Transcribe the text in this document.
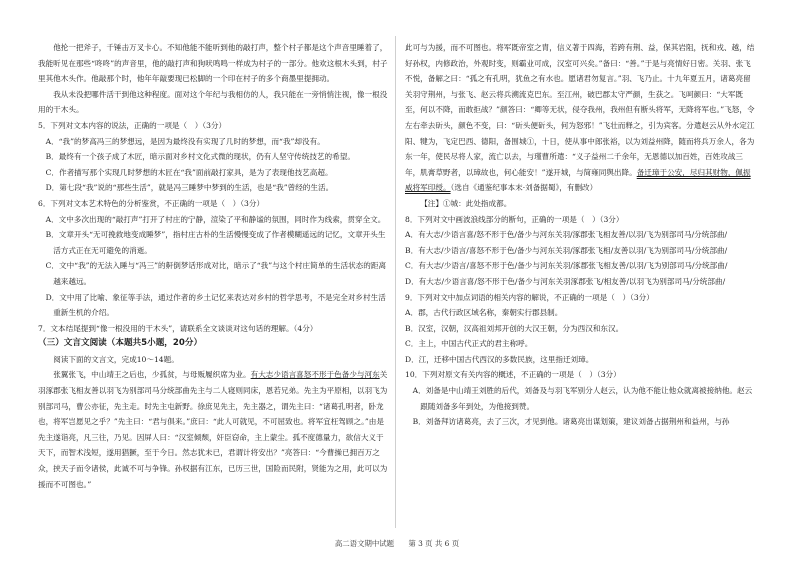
他抡一把斧子，千锤击万叉卡心。不知他能不能听到他的敲打声，整个村子都是这个声音里睡着了，我能听见在那些“咚咚”的声音里，他的敲打声和狗吠鸣鸣一样成为村子的一部分。他欢这根木头到，村子里其他木头作。他敲那个时，他年年敲要现已松脚的一个印在村子的多个商墨里提拥动。

我从未没把哪件活干到他这种程度。面对这个年纪与我相仿的人，我只能在一旁悄悄注视，像一根没用的干木头。

5．下列对文本内容的说法，正确的一项是（　）（3分）

A．“我”的梦高冯三的梦想远，是因为最终没有实现了几时的梦想，而“我”却没有。

B．最终有一个孩子成了木匠，暗示面对乡村文化式微的现状，仍有人坚守传统技艺的希望。

C．作者描写那个实现几时梦想的木匠在“我”面前敲打家具，是为了表现他技艺高超。

D．第七段“我”说的“那些生活”，就是冯三睡梦中梦到的生活，也是“我”曾经的生活。

6．下列对文本艺术特色的分析鉴赏，不正确的一项是（　）（3分）

A．文中多次出现的“敲打声”打开了村庄的宁静，渲染了平和静谧的氛围，同时作为线索，贯穿全文。

B．文章开头“无可挽救地变成睡梦”，指村庄古朴的生活慢慢变成了作者模糊遥远的记忆，文章开头生活方式正在无可避免的消逝。

C．文中“我”的无法入睡与“冯三”的鼾倒梦话形成对比，暗示了“我”与这个村庄简单的生活状态的距离越来越远。

D．文中用了比喻、象征等手法，通过作者的乡土记忆来表达对乡村的哲学思考，不是完全对乡村生活重新生机的介绍。

7．文本结尾提到“像一根没用的干木头”，请联系全文谈谈对这句话的理解。（4分）

（三）文言文阅读（本题共5小题，20分）

阅读下面的文言文，完成10～14题。

张翼张飞，中山靖王之后也，少孤贫，与母贩履织席为业。有大志少语言喜怒不形于色备少与河东关羽涿郡张飞相友善以羽飞为别部司马分统部曲先主与二人寝则同床，恩若兄弟。先主为平原相，以羽飞为别部司马，曹公亦征，先主走。时先主屯新野。徐庶见先主，先主器之，谓先主曰：“诸葛孔明者，卧龙也，将军岂愿见之乎？”先主曰：“君与俱来。”庶曰：“此人可就见，不可屈致也。将军宜枉驾顾之。”由是先主遂诣亮，凡三往，乃见。因屏人曰：“汉室倾颓，奸臣窃命，主上蒙尘。孤不度德量力，欲信大义于天下，而智术浅短，遂用猖獗，至于今日。然志犹未已，君谓计将安出？”亮答曰：“今曹操已拥百万之众，挟天子而令诸侯，此诚不可与争锋。孙权据有江东，已历三世，国险而民附，贤能为之用，此可以为援而不可图也。”

此可与为援，而不可图也。将军既帝室之胄，信义著于四海，若跨有荆、益，保其岩阻，抚和戎、越，结好孙权，内修政治，外观时变，则霸业可成，汉室可兴矣。”备曰：“善。”于是与亮情好日密。关羽、张飞不悦，备解之曰：“孤之有孔明，犹鱼之有水也。愿诸君勿复言。”羽、飞乃止。十九年夏五月，诸葛亮留关羽守荆州，与张飞、赵云将兵溯流克巴东。至江州，破巴郡太守严颜，生获之。飞呵颜曰：“大军既至，何以不降，而敢拒战？”颜答曰：“卿等无状，侵夺我州，我州但有断头将军，无降将军也。”飞怒，令左右牵去斫头，颜色不变，曰：“斫头便斫头，何为怒邪！”飞壮而释之，引为宾客。分遣赵云从外水定江阳、犍为，飞定巴西、德阳，备围城①，十日，使从事中郎张裕，以为刘益州降，随而将兵万余人，各为东一年，使民尽将人家，流亡以去，与瑾曹所遣：“义子益州二千余年，无恩德以加百姓，百姓攻战三年，肌膏草野者，以璋故也，何心能安！”遂开城，与简雍同舆出降。备迁璋于公安，尽归其财物，佩振威将军印绶。（选自《通鉴纪事本末·刘备据蜀》，有删改）

【注】①城：此处指成都。

8．下列对文中画波浪线部分的断句，正确的一项是（　）（3分）

A．有大志/少语言喜/怒不形于色/备少与河东关羽/涿郡张飞相友善/以羽/飞为别部司马/分统部曲/

B．有大志/少语言/喜怒不形于色/备少与河东关羽/涿郡张飞相/友善以羽/飞为别部司马/分统部曲/

C．有大志/少语言/喜怒不形于色/备少与河东关羽/涿郡张飞相友善/以羽/飞为别部司马/分统部曲/

D．有大志/少语言喜/怒不形于色/备少与河东关羽涿郡张飞/相友善/以羽飞为别部司马/分统部曲/

9．下列对文中加点词语的相关内容的解说，不正确的一项是（　）（3分）

A．郡，古代行政区域名称，秦朝实行郡县制。

B．汉室，汉朝，汉高祖刘邦开创的大汉王朝，分为西汉和东汉。

C．主上，中国古代正式的君主称呼。

D．江，迁移中国古代西汉的多数民族，这里指迁刘璋。

10．下列对原文有关内容的概述，不正确的一项是（　）（3分）

A．刘备是中山靖王刘胜的后代，刘备及与羽飞军别分人赵云，认为他不能让他众就离被接纳他。赵云跟随刘备多年到处，为他接到赞。

B．刘备拜访诸葛亮，去了三次，才见到他。诸葛亮出谋划策，建议刘备占据荆州和益州，与孙

高二语文期中试题 第 3 页 共 6 页
